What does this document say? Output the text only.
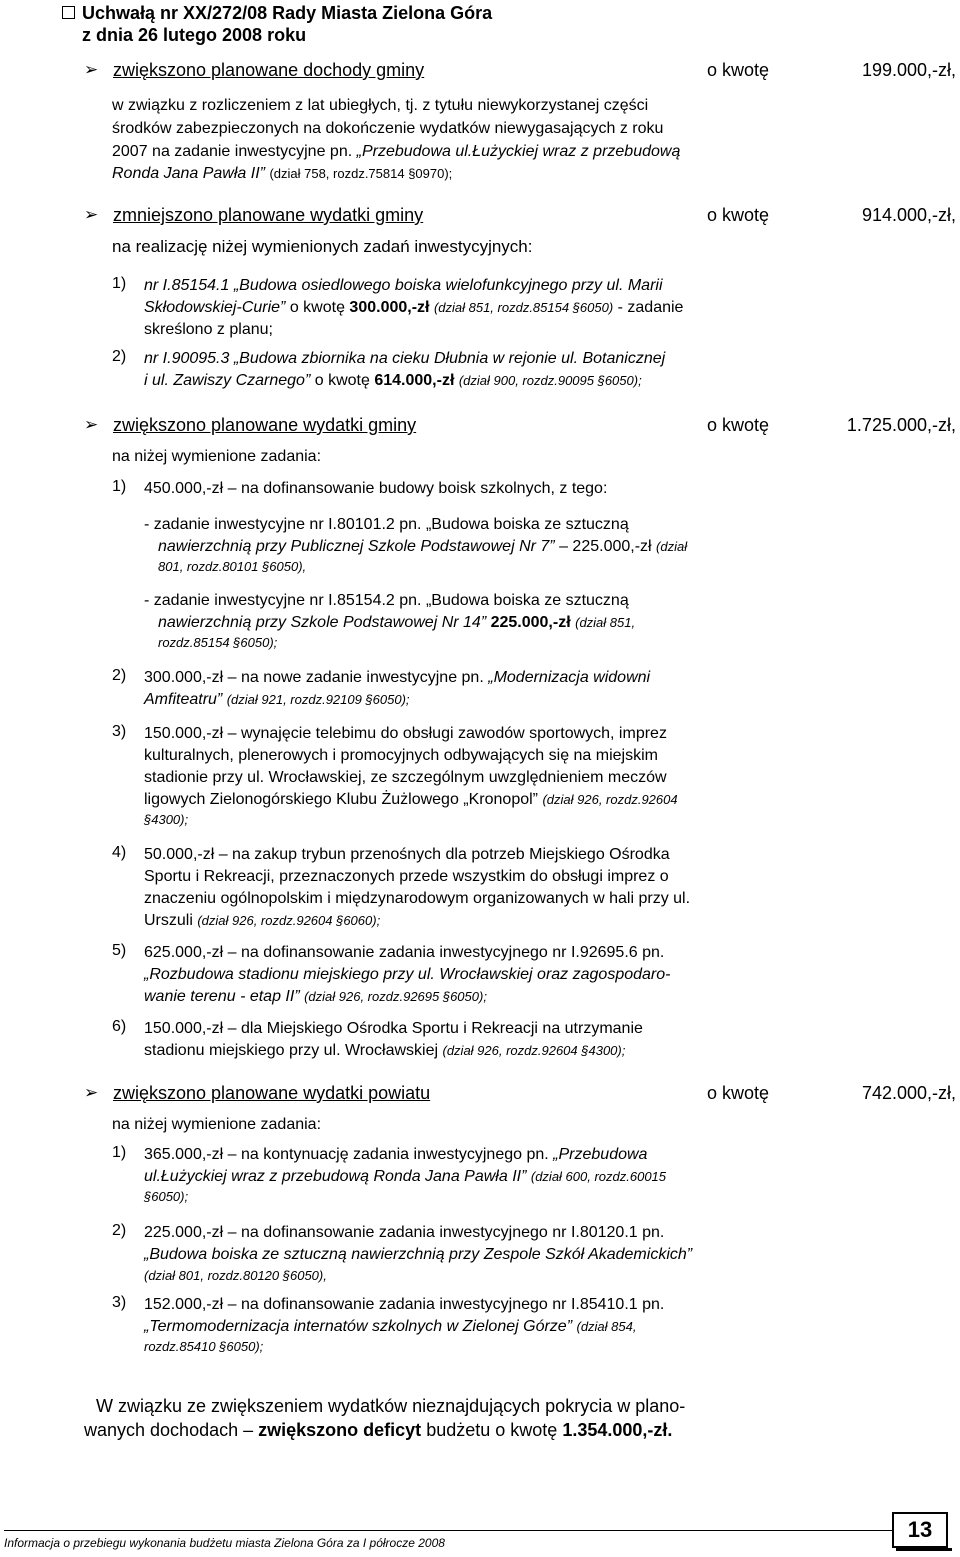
Uchwałą nr XX/272/08 Rady Miasta Zielona Góra
z dnia 26 lutego 2008 roku
➢ zwiększono planowane dochody gminy	o kwotę	199.000,-zł,
w związku z rozliczeniem z lat ubiegłych, tj. z tytułu niewykorzystanej części
środków zabezpieczonych na dokończenie wydatków niewygasających z roku
2007 na zadanie inwestycyjne pn. „Przebudowa ul.Łużyckiej wraz z przebudową
Ronda Jana Pawła II” (dział 758, rozdz.75814 §0970);
➢ zmniejszono planowane wydatki gminy	o kwotę	914.000,-zł,
na realizację niżej wymienionych zadań inwestycyjnych:
1) nr I.85154.1 „Budowa osiedlowego boiska wielofunkcyjnego przy ul. Marii
Skłodowskiej-Curie” o kwotę 300.000,-zł (dział 851, rozdz.85154 §6050) - zadanie
skreślono z planu;
2) nr I.90095.3 „Budowa zbiornika na cieku Dłubnia w rejonie ul. Botanicznej
i ul. Zawiszy Czarnego” o kwotę 614.000,-zł (dział 900, rozdz.90095 §6050);
➢ zwiększono planowane wydatki gminy	o kwotę	1.725.000,-zł,
na niżej wymienione zadania:
1) 450.000,-zł – na dofinansowanie budowy boisk szkolnych, z tego:
- zadanie inwestycyjne nr I.80101.2 pn. „Budowa boiska ze sztuczną
nawierzchnią przy Publicznej Szkole Podstawowej Nr 7” – 225.000,-zł (dział
801, rozdz.80101 §6050),
- zadanie inwestycyjne nr I.85154.2 pn. „Budowa boiska ze sztuczną
nawierzchnią przy Szkole Podstawowej Nr 14” 225.000,-zł (dział 851,
rozdz.85154 §6050);
2) 300.000,-zł – na nowe zadanie inwestycyjne pn. „Modernizacja widowni
Amfiteatru” (dział 921, rozdz.92109 §6050);
3) 150.000,-zł – wynajęcie telebimu do obsługi zawodów sportowych, imprez
kulturalnych, plenerowych i promocyjnych odbywających się na miejskim
stadionie przy ul. Wrocławskiej, ze szczególnym uwzględnieniem meczów
ligowych Zielonogórskiego Klubu Żużlowego „Kronopol” (dział 926, rozdz.92604
§4300);
4) 50.000,-zł – na zakup trybun przenośnych dla potrzeb Miejskiego Ośrodka
Sportu i Rekreacji, przeznaczonych przede wszystkim do obsługi imprez o
znaczeniu ogólnopolskim i międzynarodowym organizowanych w hali przy ul.
Urszuli (dział 926, rozdz.92604 §6060);
5) 625.000,-zł – na dofinansowanie zadania inwestycyjnego nr I.92695.6 pn.
„Rozbudowa stadionu miejskiego przy ul. Wrocławskiej oraz zagospodaro-
wanie terenu - etap II” (dział 926, rozdz.92695 §6050);
6) 150.000,-zł – dla Miejskiego Ośrodka Sportu i Rekreacji na utrzymanie
stadionu miejskiego przy ul. Wrocławskiej (dział 926, rozdz.92604 §4300);
➢ zwiększono planowane wydatki powiatu	o kwotę	742.000,-zł,
na niżej wymienione zadania:
1) 365.000,-zł – na kontynuację zadania inwestycyjnego pn. „Przebudowa
ul.Łużyckiej wraz z przebudową Ronda Jana Pawła II” (dział 600, rozdz.60015
§6050);
2) 225.000,-zł – na dofinansowanie zadania inwestycyjnego nr I.80120.1 pn.
„Budowa boiska ze sztuczną nawierzchnią przy Zespole Szkół Akademickich”
(dział 801, rozdz.80120 §6050),
3) 152.000,-zł – na dofinansowanie zadania inwestycyjnego nr I.85410.1 pn.
„Termomodernizacja internatów szkolnych w Zielonej Górze” (dział 854,
rozdz.85410 §6050);
W związku ze zwiększeniem wydatków nieznajdujących pokrycia w plano-
wanych dochodach – zwiększono deficyt budżetu o kwotę 1.354.000,-zł.
Informacja o przebiegu wykonania budżetu miasta Zielona Góra za I półrocze 2008
13
